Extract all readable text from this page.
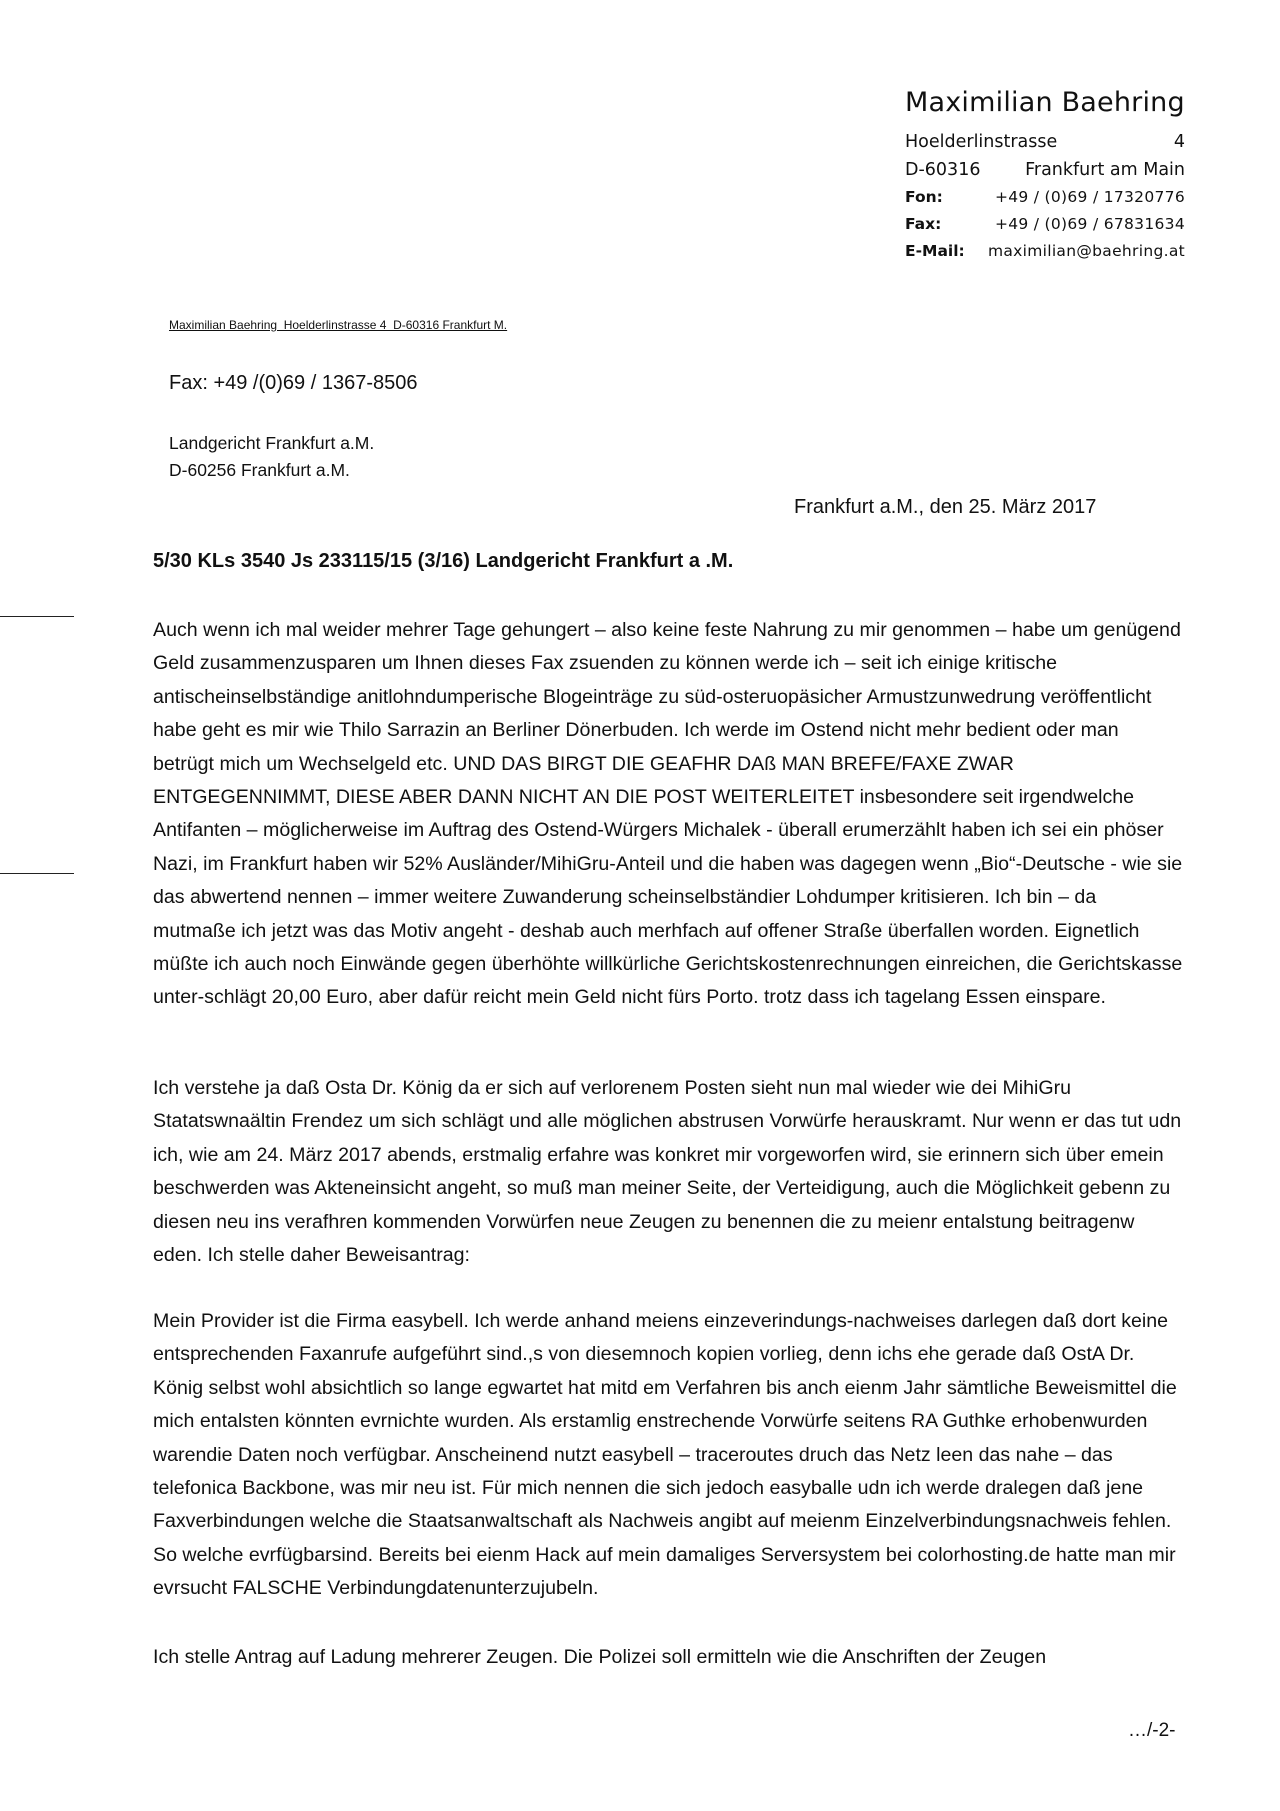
Maximilian Baehring
Hoelderlinstrasse	4
D-60316	Frankfurt am Main
Fon:	+49 / (0)69 / 17320776
Fax:	+49 / (0)69 / 67831634
E-Mail: maximilian@baehring.at
Maximilian Baehring  Hoelderlinstrasse 4  D-60316 Frankfurt M.
Fax: +49 /(0)69 / 1367-8506
Landgericht Frankfurt a.M.
D-60256 Frankfurt a.M.
Frankfurt a.M., den 25. März 2017
5/30 KLs 3540 Js 233115/15 (3/16) Landgericht Frankfurt a .M.
Auch wenn ich mal weider mehrer Tage gehungert – also keine feste Nahrung zu mir genommen – habe um genügend Geld zusammenzusparen um Ihnen dieses Fax zsuenden zu können werde ich – seit ich einige kritische antischeinselbständige anitlohndumperische Blogeinträge zu süd-osteruopäsicher Armustzunwedrung veröffentlicht habe geht es mir wie Thilo Sarrazin an Berliner Dönerbuden. Ich werde im Ostend nicht mehr bedient oder man betrügt mich um Wechselgeld etc. UND DAS BIRGT DIE GEAFHR DAß MAN BREFE/FAXE ZWAR ENTGEGENNIMMT, DIESE ABER DANN NICHT AN DIE POST WEITERLEITET insbesondere seit irgendwelche Antifanten – möglicherweise im Auftrag des Ostend-Würgers Michalek - überall erumerzählt haben ich sei ein phöser Nazi, im Frankfurt haben wir 52% Ausländer/MihiGru-Anteil und die haben was dagegen wenn „Bio“-Deutsche - wie sie das abwertend nennen – immer weitere Zuwanderung scheinselbständier Lohdumper kritisieren. Ich bin – da mutmaße ich jetzt was das Motiv angeht - deshab auch merhfach auf offener Straße überfallen worden. Eignetlich müßte ich auch noch Einwände gegen überhöhte willkürliche Gerichtskostenrechnungen einreichen, die Gerichtskasse unter-schlägt 20,00 Euro, aber dafür reicht mein Geld nicht fürs Porto. trotz dass ich tagelang Essen einspare.
Ich verstehe ja daß Osta Dr. König da er sich auf verlorenem Posten sieht nun mal wieder wie dei MihiGru Statatswnaältin Frendez um sich schlägt und alle möglichen abstrusen Vorwürfe herauskramt. Nur wenn er das tut udn ich, wie am 24. März 2017 abends, erstmalig erfahre was konkret mir vorgeworfen wird, sie erinnern sich über emein beschwerden was Akteneinsicht angeht, so muß man meiner Seite, der Verteidigung, auch die Möglichkeit gebenn zu diesen neu ins verafhren kommenden Vorwürfen neue Zeugen zu benennen die zu meienr entalstung beitragenw eden. Ich stelle daher Beweisantrag:
Mein Provider ist die Firma easybell. Ich werde anhand meiens einzeverindungs-nachweises darlegen daß dort keine entsprechenden Faxanrufe aufgeführt sind.,s von diesemnoch kopien vorlieg, denn ichs ehe gerade daß OstA Dr. König selbst wohl absichtlich so lange egwartet hat mitd em Verfahren bis anch eienm Jahr sämtliche Beweismittel die mich entalsten könnten evrnichte wurden. Als erstamlig enstrechende Vorwürfe seitens RA Guthke erhobenwurden warendie Daten noch verfügbar. Anscheinend nutzt easybell – traceroutes druch das Netz leen das nahe – das telefonica Backbone, was mir neu ist. Für mich nennen die sich jedoch easyballe udn ich werde dralegen daß jene Faxverbindungen welche die Staatsanwaltschaft als Nachweis angibt auf meienm Einzelverbindungsnachweis fehlen. So welche evrfügbarsind. Bereits bei eienm Hack auf mein damaliges Serversystem bei colorhosting.de hatte man mir evrsucht FALSCHE Verbindungdatenunterzujubeln.
Ich stelle Antrag auf Ladung mehrerer Zeugen. Die Polizei soll ermitteln wie die Anschriften der Zeugen
…/-2-
